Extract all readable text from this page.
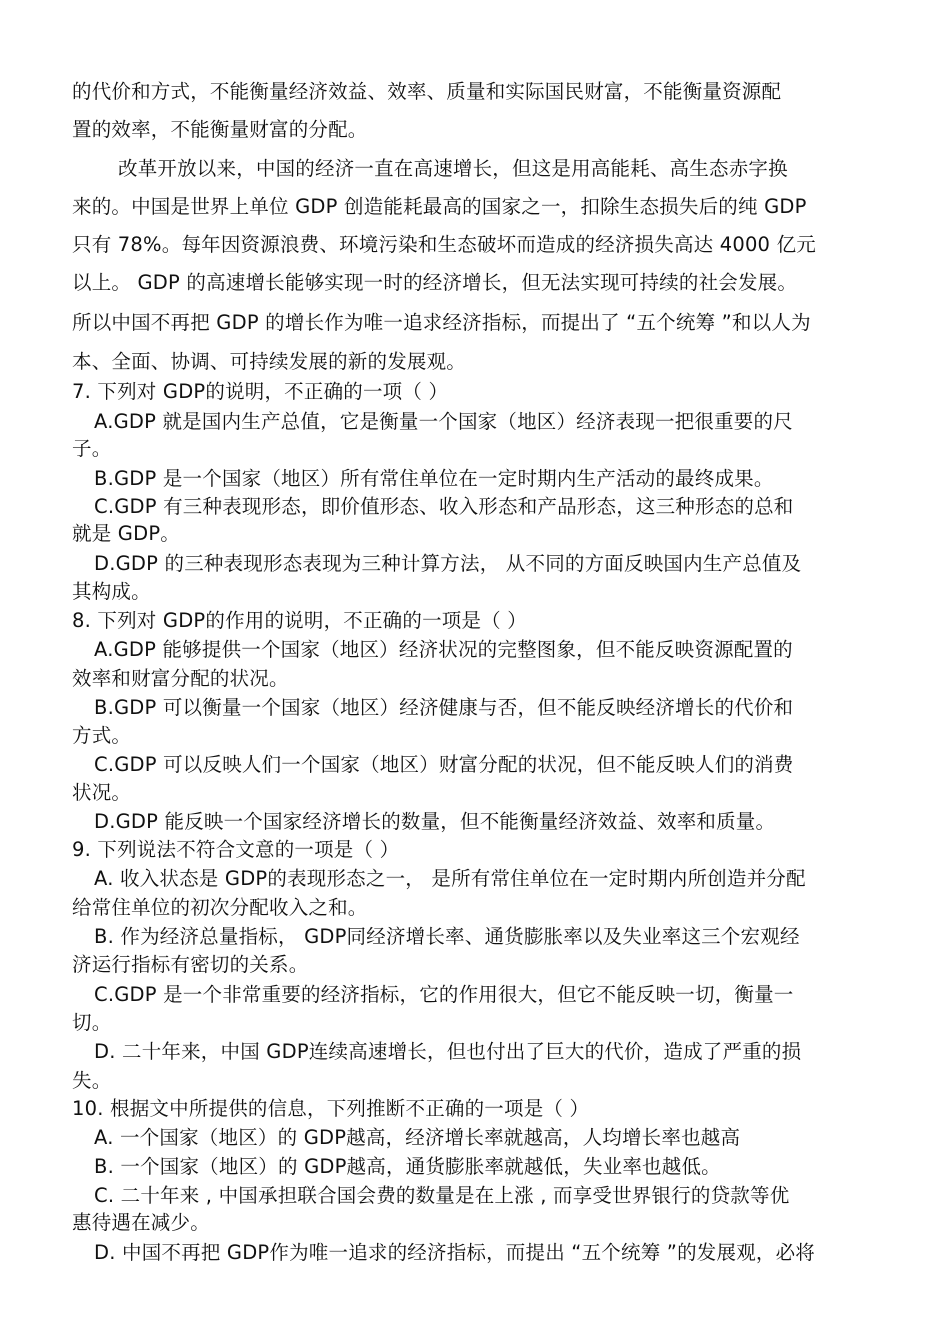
的代价和方式，不能衡量经济效益、效率、质量和实际国民财富，不能衡量资源配
置的效率，不能衡量财富的分配。
改革开放以来，中国的经济一直在高速增长，但这是用高能耗、高生态赤字换
来的。中国是世界上单位 GDP 创造能耗最高的国家之一，扣除生态损失后的纯 GDP
只有 78%。每年因资源浪费、环境污染和生态破坏而造成的经济损失高达 4000 亿元
以上。 GDP 的高速增长能够实现一时的经济增长，但无法实现可持续的社会发展。
所以中国不再把 GDP 的增长作为唯一追求经济指标，而提出了 “五个统筹 ”和以人为
本、全面、协调、可持续发展的新的发展观。
7. 下列对 GDP的说明，不正确的一项（ ）
A.GDP 就是国内生产总值，它是衡量一个国家（地区）经济表现一把很重要的尺
子。
B.GDP 是一个国家（地区）所有常住单位在一定时期内生产活动的最终成果。
C.GDP 有三种表现形态，即价值形态、收入形态和产品形态，这三种形态的总和
就是 GDP。
D.GDP 的三种表现形态表现为三种计算方法， 从不同的方面反映国内生产总值及
其构成。
8. 下列对 GDP的作用的说明，不正确的一项是（ ）
A.GDP 能够提供一个国家（地区）经济状况的完整图象，但不能反映资源配置的
效率和财富分配的状况。
B.GDP 可以衡量一个国家（地区）经济健康与否，但不能反映经济增长的代价和
方式。
C.GDP 可以反映人们一个国家（地区）财富分配的状况，但不能反映人们的消费
状况。
D.GDP 能反映一个国家经济增长的数量，但不能衡量经济效益、效率和质量。
9. 下列说法不符合文意的一项是（ ）
A. 收入状态是 GDP的表现形态之一， 是所有常住单位在一定时期内所创造并分配
给常住单位的初次分配收入之和。
B. 作为经济总量指标， GDP同经济增长率、通货膨胀率以及失业率这三个宏观经
济运行指标有密切的关系。
C.GDP 是一个非常重要的经济指标，它的作用很大，但它不能反映一切，衡量一
切。
D. 二十年来，中国 GDP连续高速增长，但也付出了巨大的代价，造成了严重的损
失。
10. 根据文中所提供的信息，下列推断不正确的一项是（ ）
A. 一个国家（地区）的 GDP越高，经济增长率就越高，人均增长率也越高
B. 一个国家（地区）的 GDP越高，通货膨胀率就越低，失业率也越低。
C. 二十年来 , 中国承担联合国会费的数量是在上涨 , 而享受世界银行的贷款等优
惠待遇在减少。
D. 中国不再把 GDP作为唯一追求的经济指标，而提出 “五个统筹 ”的发展观，必将
